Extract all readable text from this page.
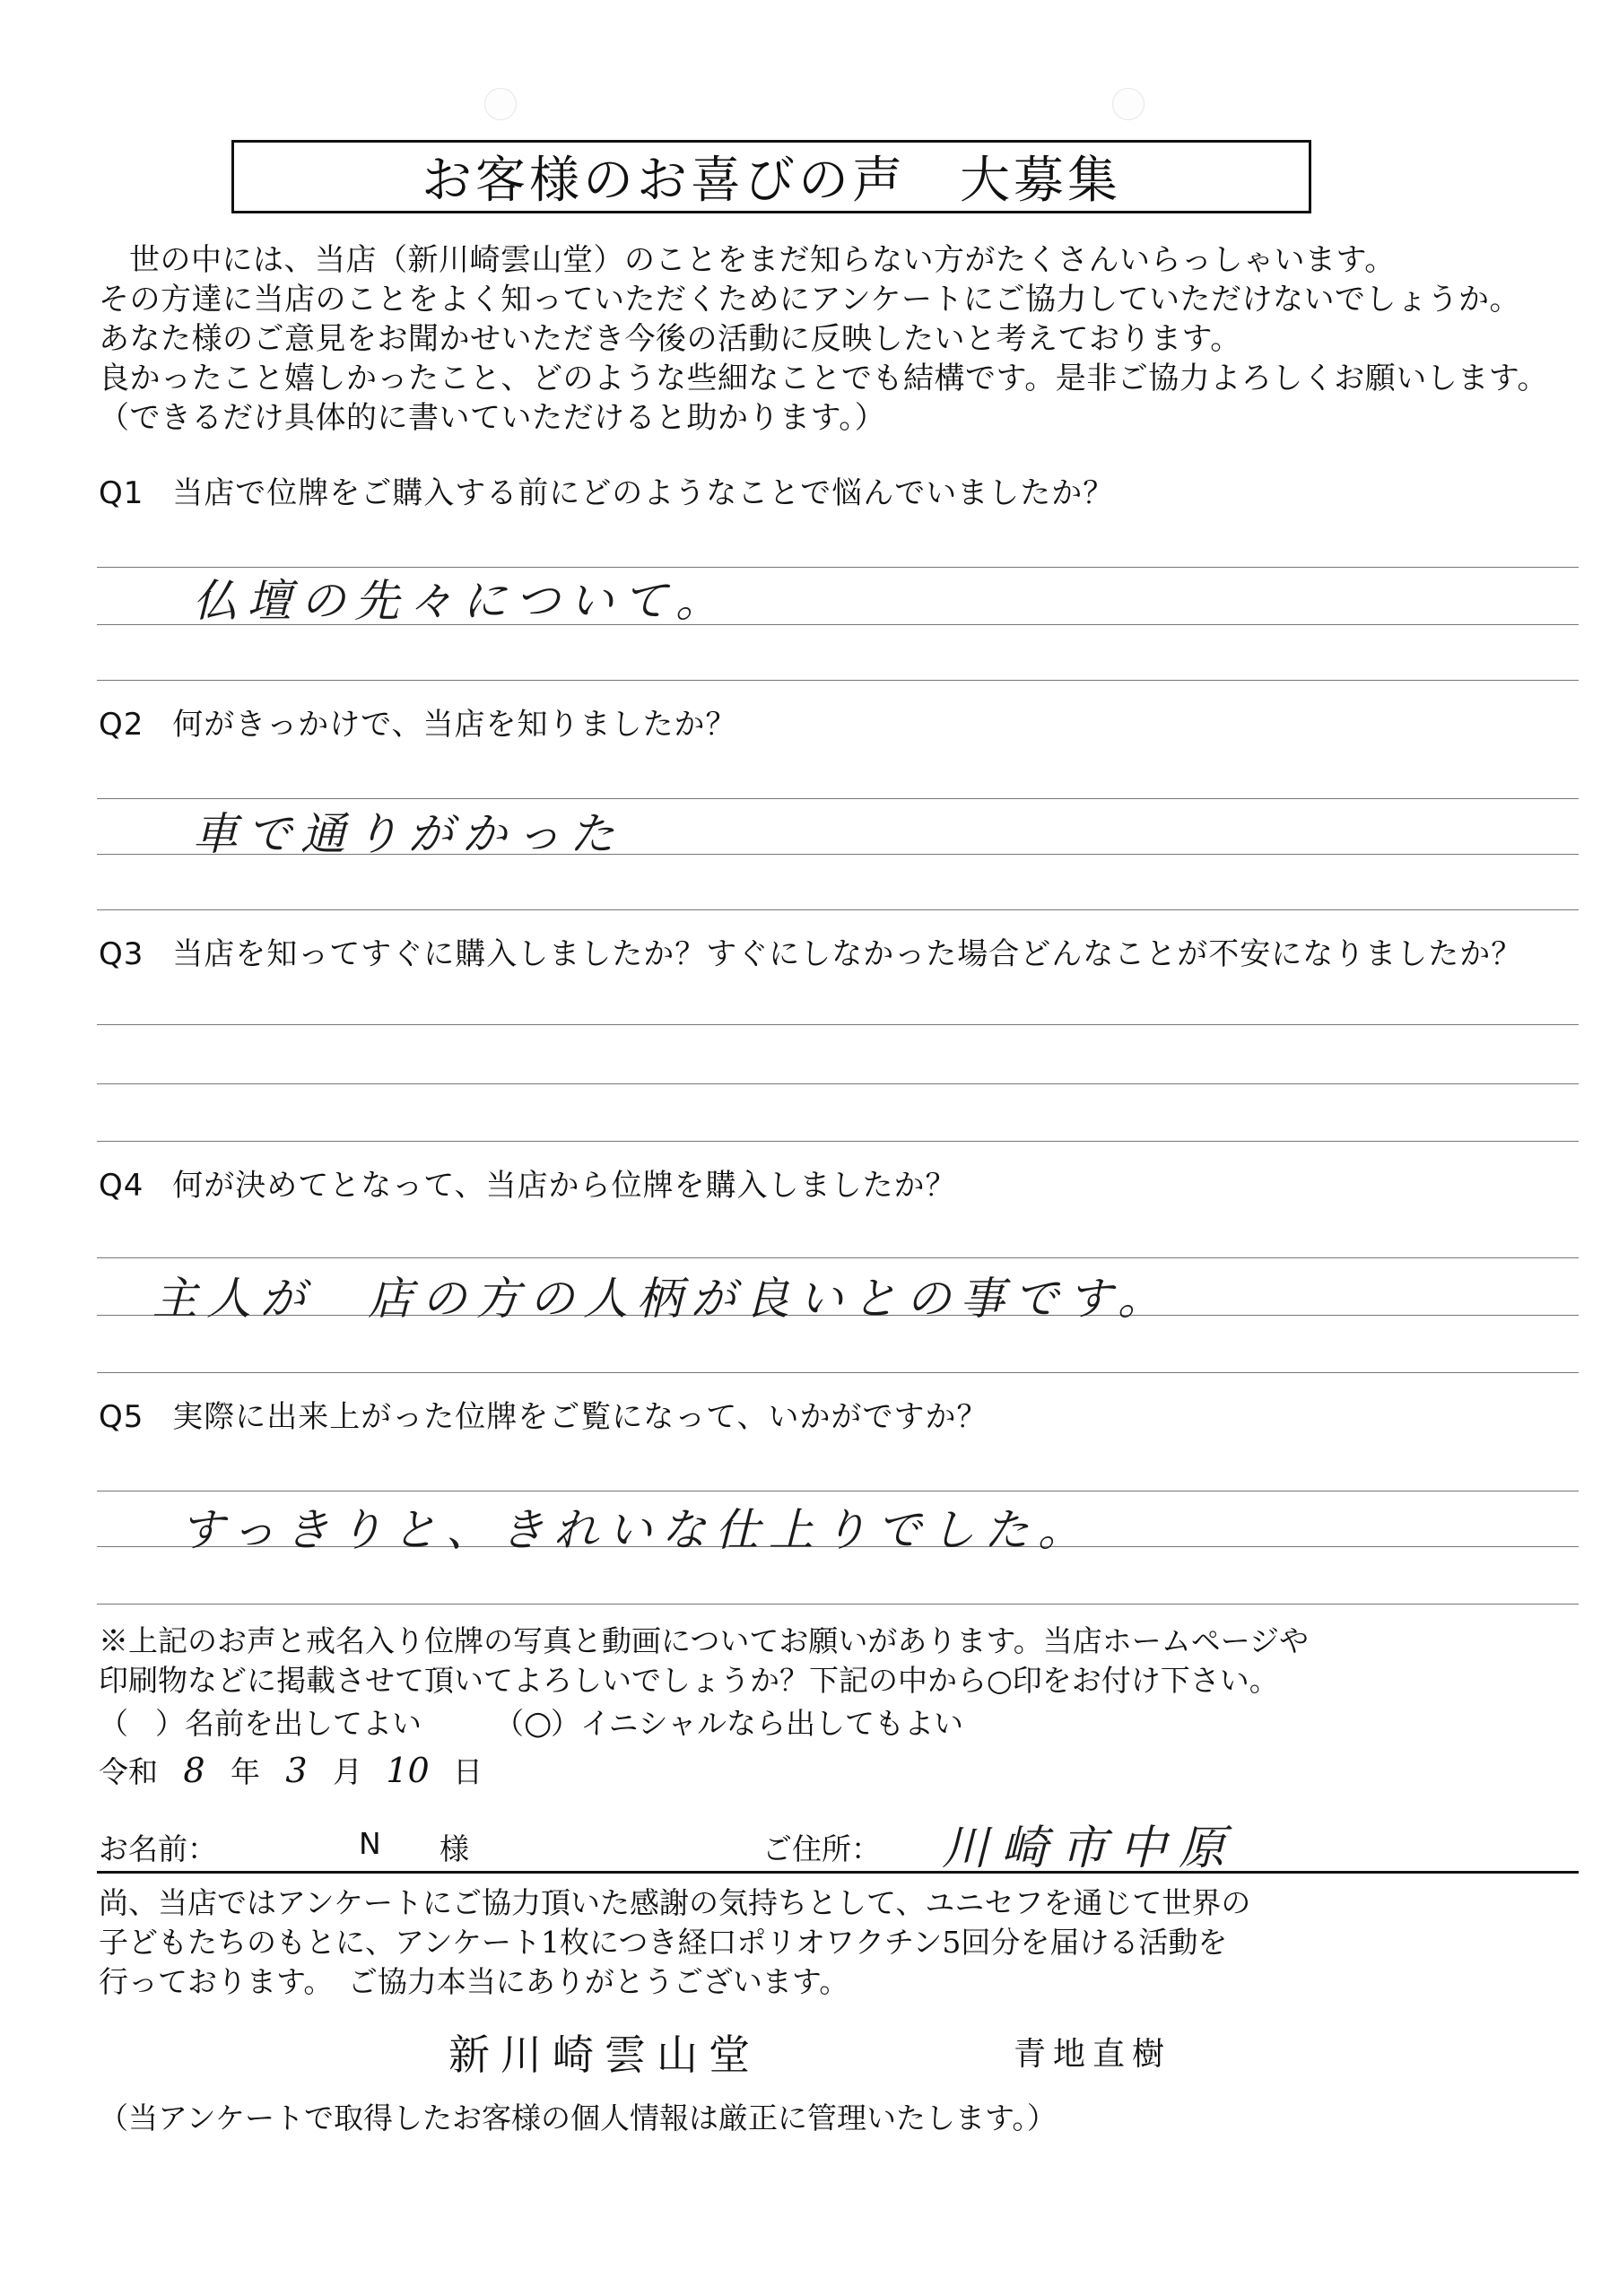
お客様のお喜びの声　大募集
世の中には、当店（新川崎雲山堂）のことをまだ知らない方がたくさんいらっしゃいます。
その方達に当店のことをよく知っていただくためにアンケートにご協力していただけないでしょうか。
あなた様のご意見をお聞かせいただき今後の活動に反映したいと考えております。
良かったこと嬉しかったこと、どのような些細なことでも結構です。是非ご協力よろしくお願いします。
（できるだけ具体的に書いていただけると助かります。）
Q1 当店で位牌をご購入する前にどのようなことで悩んでいましたか？
仏壇の先々について。
Q2 何がきっかけで、当店を知りましたか？
車で通りがかった
Q3 当店を知ってすぐに購入しましたか？すぐにしなかった場合どんなことが不安になりましたか？
Q4 何が決めてとなって、当店から位牌を購入しましたか？
主人が　店の方の人柄が良いとの事です。
Q5 実際に出来上がった位牌をご覧になって、いかがですか？
すっきりと、きれいな仕上りでした。
※上記のお声と戒名入り位牌の写真と動画についてお願いがあります。当店ホームページや
印刷物などに掲載させて頂いてよろしいでしょうか？下記の中から○印をお付け下さい。
（ ）名前を出してよい （○）イニシャルなら出してもよい
令和 8 年 3 月 10 日
お名前：	N 様	ご住所： 川崎市中原
尚、当店ではアンケートにご協力頂いた感謝の気持ちとして、ユニセフを通じて世界の
子どもたちのもとに、アンケート1枚につき経口ポリオワクチン5回分を届ける活動を
行っております。　ご協力本当にありがとうございます。
新川崎雲山堂	青地直樹
（当アンケートで取得したお客様の個人情報は厳正に管理いたします。）
